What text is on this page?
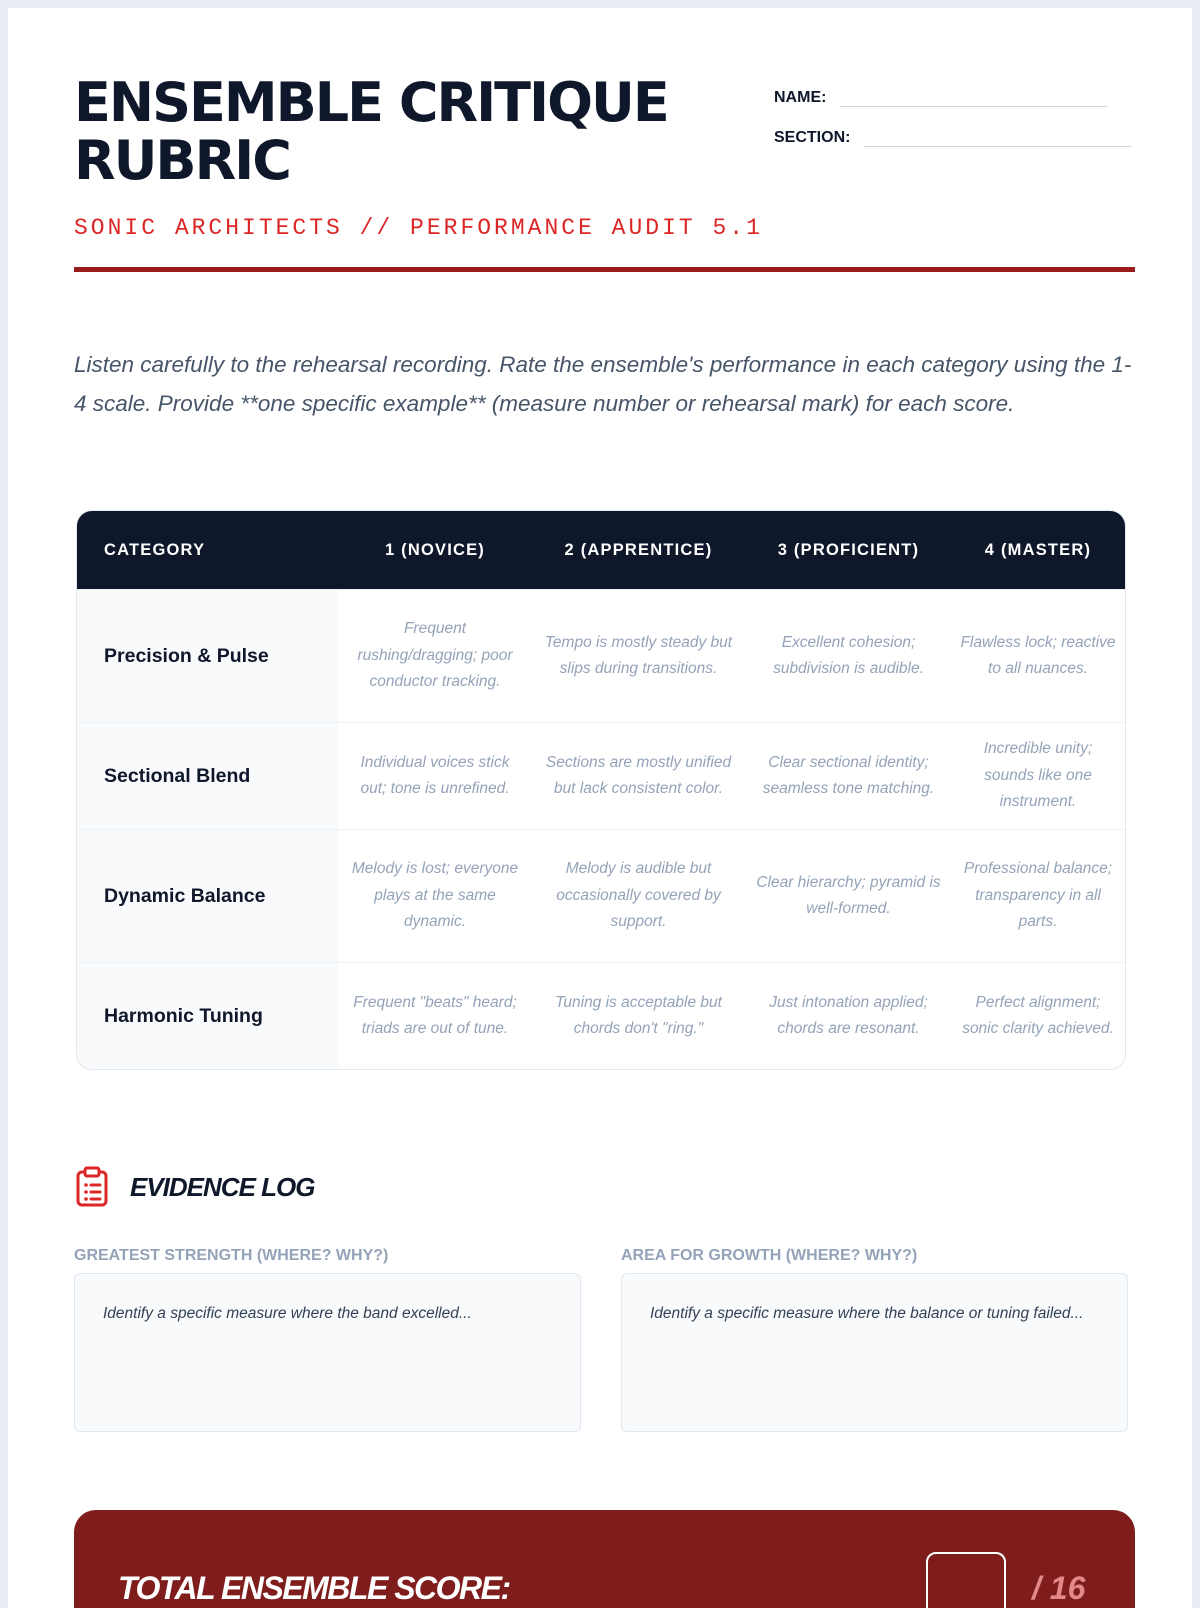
ENSEMBLE CRITIQUE
RUBRIC
SONIC ARCHITECTS // PERFORMANCE AUDIT 5.1
NAME:
SECTION:

Listen carefully to the rehearsal recording. Rate the ensemble's performance in each category using the 1-4 scale. Provide **one specific example** (measure number or rehearsal mark) for each score.

CATEGORY	1 (NOVICE)	2 (APPRENTICE)	3 (PROFICIENT)	4 (MASTER)
Precision & Pulse	Frequent rushing/dragging; poor conductor tracking.	Tempo is mostly steady but slips during transitions.	Excellent cohesion; subdivision is audible.	Flawless lock; reactive to all nuances.
Sectional Blend	Individual voices stick out; tone is unrefined.	Sections are mostly unified but lack consistent color.	Clear sectional identity; seamless tone matching.	Incredible unity; sounds like one instrument.
Dynamic Balance	Melody is lost; everyone plays at the same dynamic.	Melody is audible but occasionally covered by support.	Clear hierarchy; pyramid is well-formed.	Professional balance; transparency in all parts.
Harmonic Tuning	Frequent "beats" heard; triads are out of tune.	Tuning is acceptable but chords don't "ring."	Just intonation applied; chords are resonant.	Perfect alignment; sonic clarity achieved.
EVIDENCE LOG
GREATEST STRENGTH (WHERE? WHY?)
Identify a specific measure where the band excelled...
AREA FOR GROWTH (WHERE? WHY?)
Identify a specific measure where the balance or tuning failed...
TOTAL ENSEMBLE SCORE:	/ 16
